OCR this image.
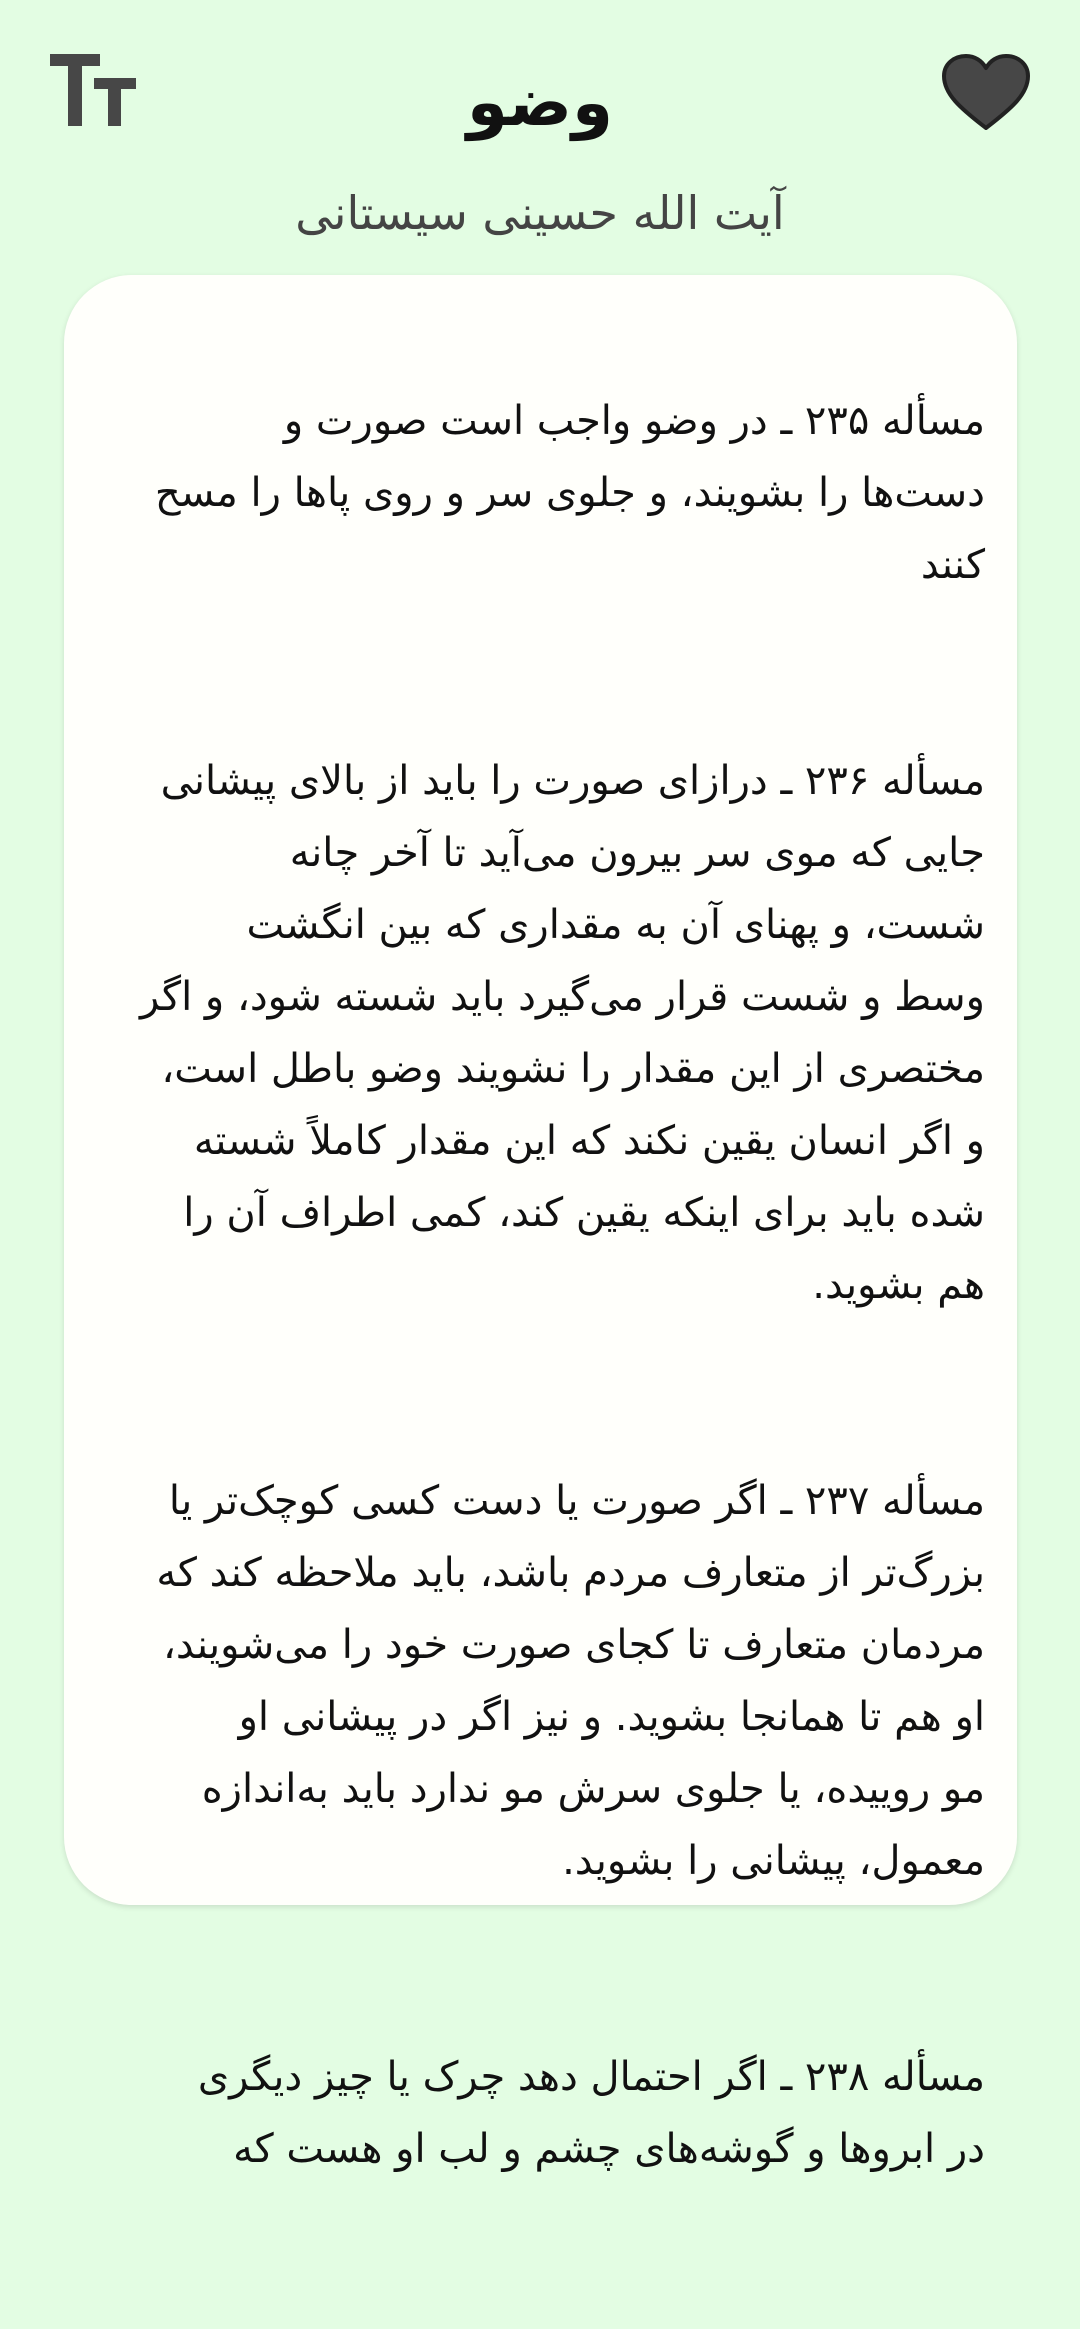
وضو
آیت الله حسینی سیستانی

مسأله ۲۳۵ ـ در وضو واجب است صورت و
دست‌ها را بشویند، و جلوی سر و روی پاها را مسح
کنند

مسأله ۲۳۶ ـ درازای صورت را باید از بالای پیشانی
جایی که موی سر بیرون می‌آید تا آخر چانه
شست، و پهنای آن به مقداری که بین انگشت
وسط و شست قرار می‌گیرد باید شسته شود، و اگر
مختصری از این مقدار را نشویند وضو باطل است،
و اگر انسان یقین نکند که این مقدار کاملاً شسته
شده باید برای اینکه یقین کند، کمی اطراف آن را
هم بشوید.

مسأله ۲۳۷ ـ اگر صورت یا دست کسی کوچک‌تر یا
بزرگ‌تر از متعارف مردم باشد، باید ملاحظه کند که
مردمان متعارف تا کجای صورت خود را می‌شویند،
او هم تا همانجا بشوید. و نیز اگر در پیشانی او
مو روییده، یا جلوی سرش مو ندارد باید به‌اندازه
معمول، پیشانی را بشوید.

مسأله ۲۳۸ ـ اگر احتمال دهد چرک یا چیز دیگری
در ابروها و گوشه‌های چشم و لب او هست که
